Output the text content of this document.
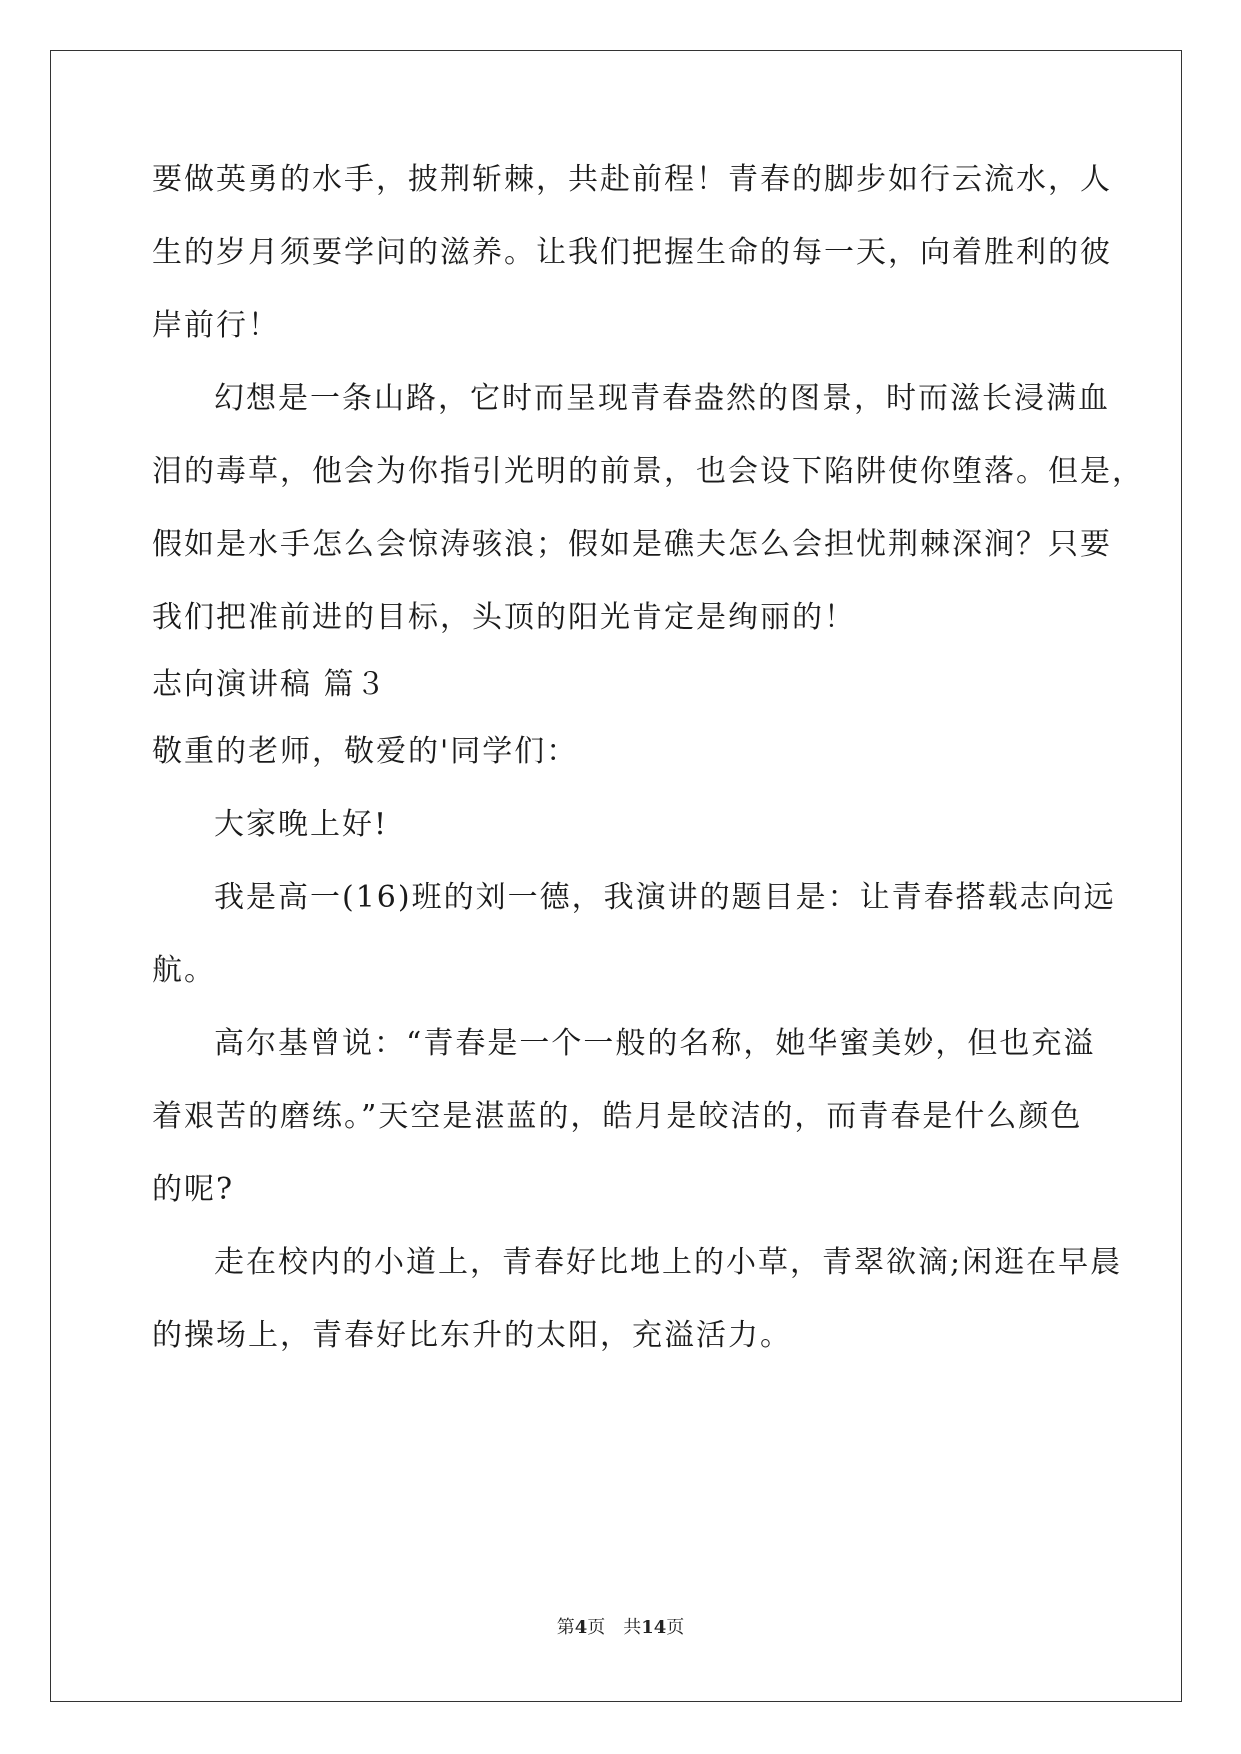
要做英勇的水手，披荆斩棘，共赴前程！青春的脚步如行云流水，人
生的岁月须要学问的滋养。让我们把握生命的每一天，向着胜利的彼
岸前行！
幻想是一条山路，它时而呈现青春盎然的图景，时而滋长浸满血
泪的毒草，他会为你指引光明的前景，也会设下陷阱使你堕落。但是，
假如是水手怎么会惊涛骇浪；假如是礁夫怎么会担忧荆棘深涧？只要
我们把准前进的目标，头顶的阳光肯定是绚丽的！
志向演讲稿 篇３
敬重的老师，敬爱的'同学们：
大家晚上好!
我是高一(16)班的刘一德，我演讲的题目是：让青春搭载志向远
航。
高尔基曾说：“青春是一个一般的名称，她华蜜美妙，但也充溢
着艰苦的磨练。”天空是湛蓝的，皓月是皎洁的，而青春是什么颜色
的呢?
走在校内的小道上，青春好比地上的小草，青翠欲滴;闲逛在早晨
的操场上，青春好比东升的太阳，充溢活力。
第4页 共14页
